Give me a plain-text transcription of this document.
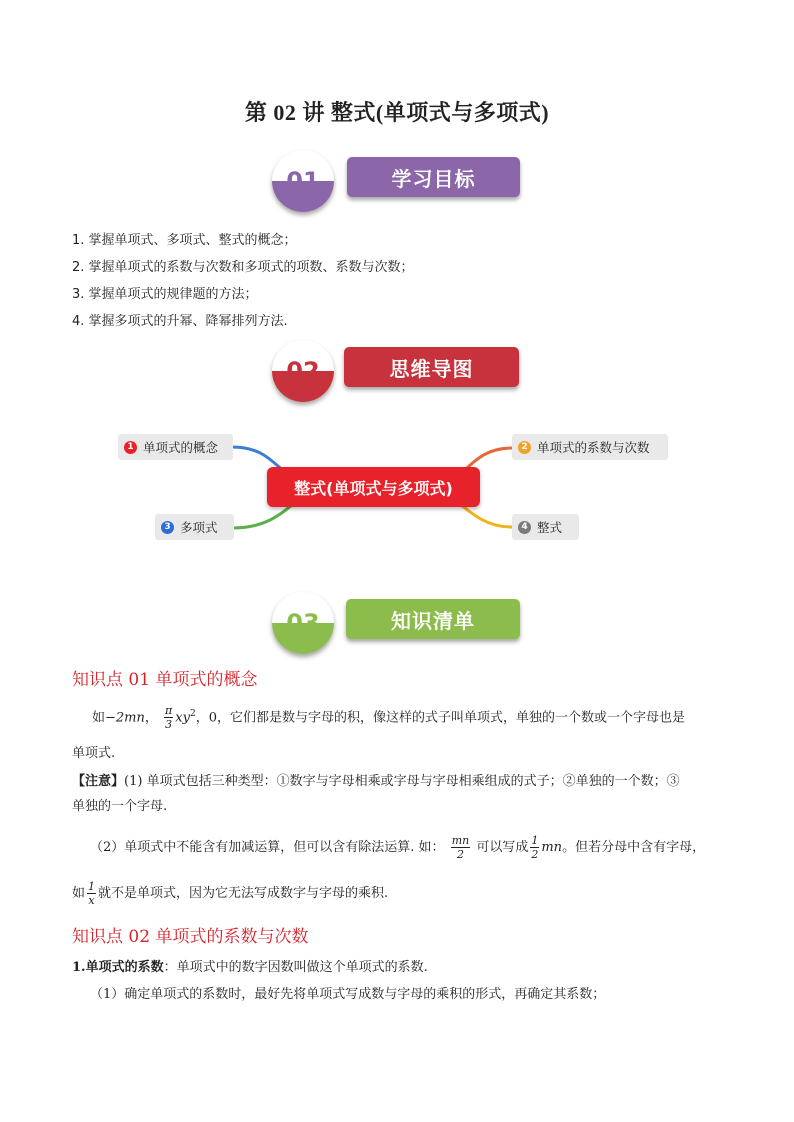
第 02 讲 整式(单项式与多项式)
01	学习目标
1. 掌握单项式、多项式、整式的概念；
2. 掌握单项式的系数与次数和多项式的项数、系数与次数；
3. 掌握单项式的规律题的方法；
4. 掌握多项式的升幂、降幂排列方法.
02	思维导图
1 单项式的概念	2 单项式的系数与次数
3 多项式	4 整式
整式(单项式与多项式)
03	知识清单
知识点 01 单项式的概念
如−2mn， $\frac{\pi}{3} xy^2$，0，它们都是数与字母的积，像这样的式子叫单项式，单独的一个数或一个字母也是
单项式.
【注意】(1) 单项式包括三种类型：①数字与字母相乘或字母与字母相乘组成的式子；②单独的一个数；③
单独的一个字母.
（2）单项式中不能含有加减运算，但可以含有除法运算. 如： $\frac{mn}{2}$ 可以写成 $\frac{1}{2}$ mn。但若分母中含有字母，
如 $\frac{1}{x}$ 就不是单项式，因为它无法写成数字与字母的乘积.
知识点 02 单项式的系数与次数
1.单项式的系数：单项式中的数字因数叫做这个单项式的系数.
（1）确定单项式的系数时，最好先将单项式写成数与字母的乘积的形式，再确定其系数；
